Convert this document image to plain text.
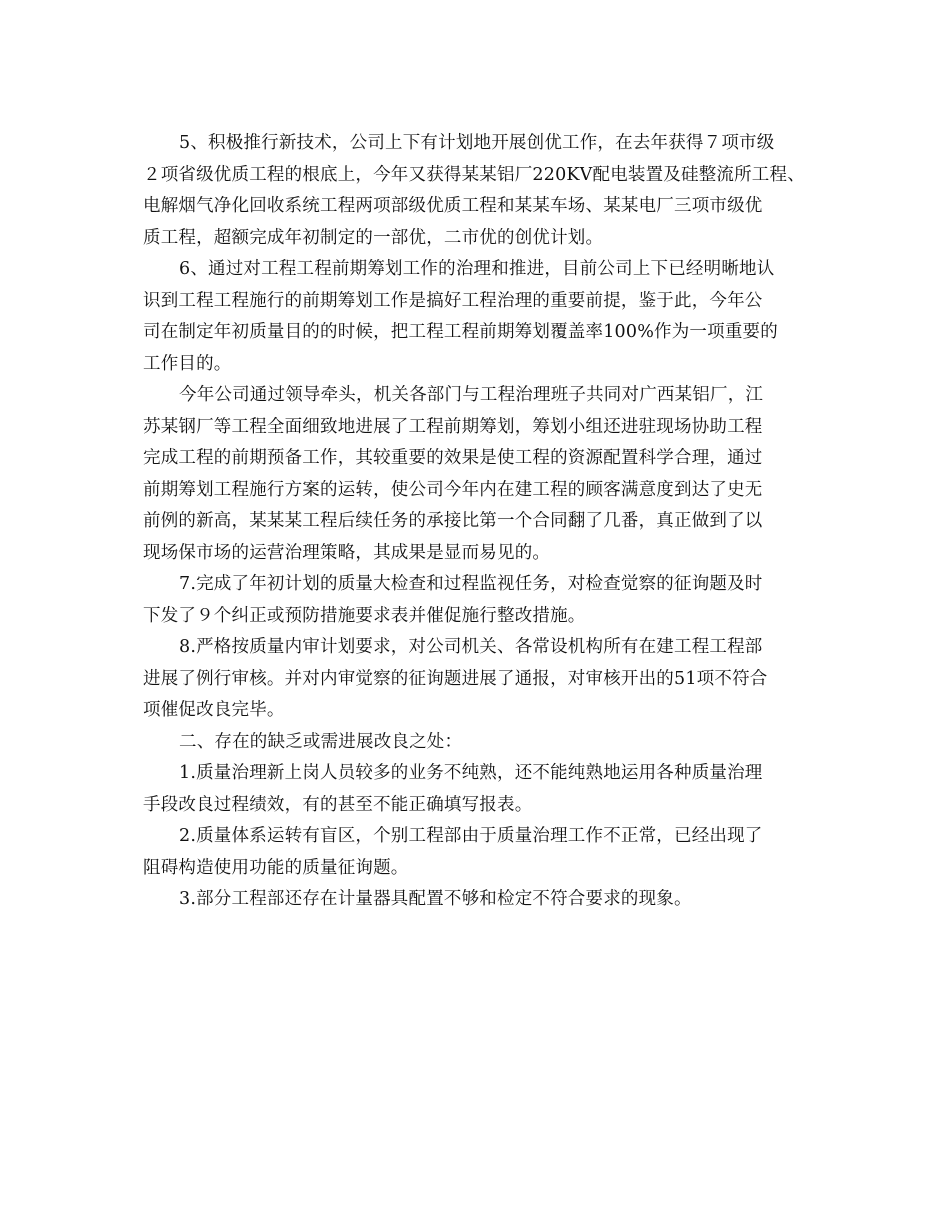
5、积极推行新技术，公司上下有计划地开展创优工作，在去年获得７项市级
２项省级优质工程的根底上，今年又获得某某铝厂220KV配电装置及硅整流所工程、
电解烟气净化回收系统工程两项部级优质工程和某某车场、某某电厂三项市级优
质工程，超额完成年初制定的一部优，二市优的创优计划。
6、通过对工程工程前期筹划工作的治理和推进，目前公司上下已经明晰地认
识到工程工程施行的前期筹划工作是搞好工程治理的重要前提，鉴于此，今年公
司在制定年初质量目的的时候，把工程工程前期筹划覆盖率100%作为一项重要的
工作目的。
今年公司通过领导牵头，机关各部门与工程治理班子共同对广西某铝厂，江
苏某钢厂等工程全面细致地进展了工程前期筹划，筹划小组还进驻现场协助工程
完成工程的前期预备工作，其较重要的效果是使工程的资源配置科学合理，通过
前期筹划工程施行方案的运转，使公司今年内在建工程的顾客满意度到达了史无
前例的新高，某某某工程后续任务的承接比第一个合同翻了几番，真正做到了以
现场保市场的运营治理策略，其成果是显而易见的。
7.完成了年初计划的质量大检查和过程监视任务，对检查觉察的征询题及时
下发了９个纠正或预防措施要求表并催促施行整改措施。
8.严格按质量内审计划要求，对公司机关、各常设机构所有在建工程工程部
进展了例行审核。并对内审觉察的征询题进展了通报，对审核开出的51项不符合
项催促改良完毕。
二、存在的缺乏或需进展改良之处：
1.质量治理新上岗人员较多的业务不纯熟，还不能纯熟地运用各种质量治理
手段改良过程绩效，有的甚至不能正确填写报表。
2.质量体系运转有盲区，个别工程部由于质量治理工作不正常，已经出现了
阻碍构造使用功能的质量征询题。
3.部分工程部还存在计量器具配置不够和检定不符合要求的现象。
